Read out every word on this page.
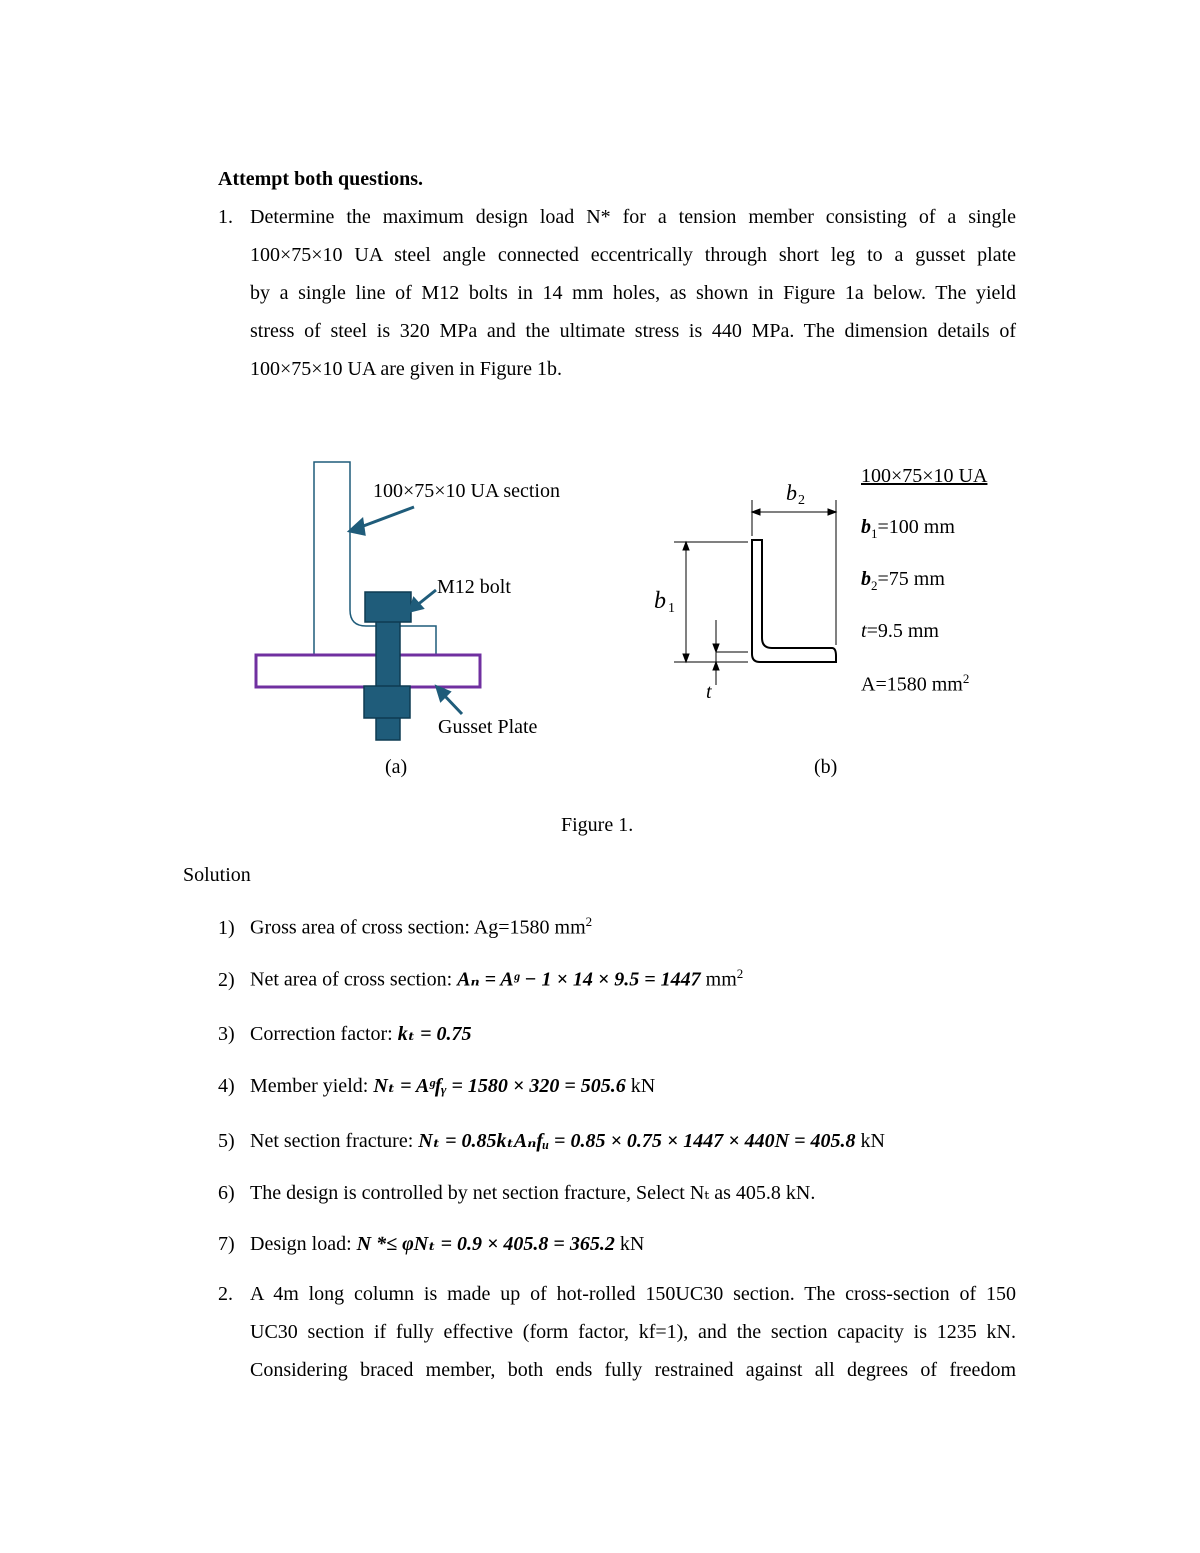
Attempt both questions.
1. Determine the maximum design load N* for a tension member consisting of a single
100×75×10 UA steel angle connected eccentrically through short leg to a gusset plate
by a single line of M12 bolts in 14 mm holes, as shown in Figure 1a below. The yield
stress of steel is 320 MPa and the ultimate stress is 440 MPa. The dimension details of
100×75×10 UA are given in Figure 1b.
100×75×10 UA section
M12 bolt
Gusset Plate
(a)
b 2
b 1
t
(b)
100×75×10 UA
$b_1=100$ mm
$b_2=75$ mm
t=9.5 mm
A=1580 $mm^2$
Figure 1.
Solution
1) Gross area of cross section: Ag=1580 $mm^2$
2) Net area of cross section: Aₙ = Aᵍ − 1 × 14 × 9.5 = 1447 $mm^2$
3) Correction factor: kₜ = 0.75
4) Member yield: Nₜ = Aᵍfᵧ = 1580 × 320 = 505.6 kN
5) Net section fracture: Nₜ = 0.85kₜAₙfᵤ = 0.85 × 0.75 × 1447 × 440N = 405.8 kN
6) The design is controlled by net section fracture, Select Nₜ as 405.8 kN.
7) Design load: N *≤ φNₜ = 0.9 × 405.8 = 365.2 kN
2. A 4m long column is made up of hot-rolled 150UC30 section. The cross-section of 150
UC30 section if fully effective (form factor, kf=1), and the section capacity is 1235 kN.
Considering braced member, both ends fully restrained against all degrees of freedom
